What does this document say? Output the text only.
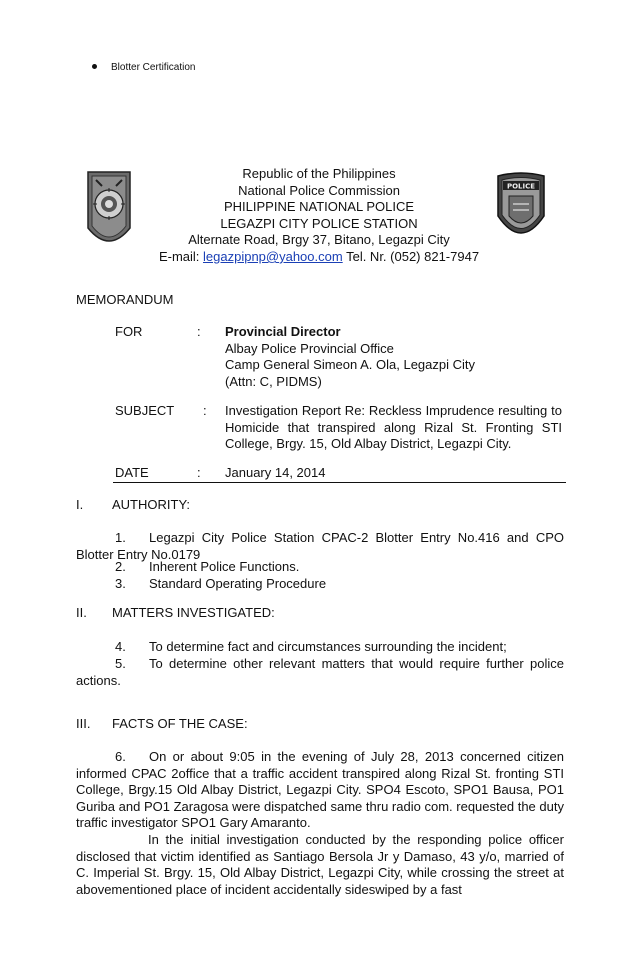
Blotter Certification
POLICE
Republic of the Philippines
National Police Commission
PHILIPPINE NATIONAL POLICE
LEGAZPI CITY POLICE STATION
Alternate Road, Brgy 37, Bitano, Legazpi City
E-mail: legazpipnp@yahoo.com Tel. Nr. (052) 821-7947
MEMORANDUM
FOR	: Provincial Director
Albay Police Provincial Office
Camp General Simeon A. Ola, Legazpi City
(Attn: C, PIDMS)
SUBJECT : Investigation Report Re: Reckless Imprudence resulting to Homicide that transpired along Rizal St. Fronting STI College, Brgy. 15, Old Albay District, Legazpi City.
DATE	: January 14, 2014
I. AUTHORITY:
1. Legazpi City Police Station CPAC-2 Blotter Entry No.416 and CPO Blotter Entry No.0179
2. Inherent Police Functions.
3. Standard Operating Procedure
II. MATTERS INVESTIGATED:
4. To determine fact and circumstances surrounding the incident;
5. To determine other relevant matters that would require further police actions.
III. FACTS OF THE CASE:
6. On or about 9:05 in the evening of July 28, 2013 concerned citizen informed CPAC 2office that a traffic accident transpired along Rizal St. fronting STI College, Brgy.15 Old Albay District, Legazpi City. SPO4 Escoto, SPO1 Bausa, PO1 Guriba and PO1 Zaragosa were dispatched same thru radio com. requested the duty traffic investigator SPO1 Gary Amaranto.
In the initial investigation conducted by the responding police officer disclosed that victim identified as Santiago Bersola Jr y Damaso, 43 y/o, married of C. Imperial St. Brgy. 15, Old Albay District, Legazpi City, while crossing the street at abovementioned place of incident accidentally sideswiped by a fast
